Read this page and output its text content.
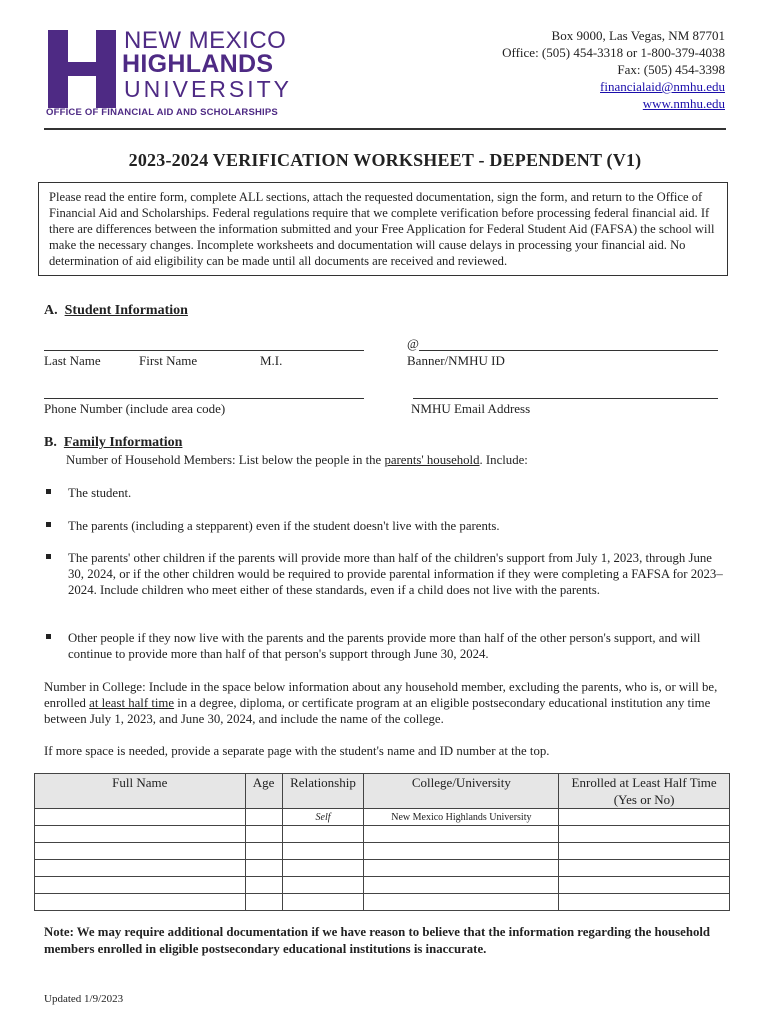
NEW MEXICO
HIGHLANDS
UNIVERSITY
OFFICE OF FINANCIAL AID AND SCHOLARSHIPS
Box 9000, Las Vegas, NM 87701
Office: (505) 454-3318 or 1-800-379-4038
Fax: (505) 454-3398
financialaid@nmhu.edu
www.nmhu.edu
2023-2024 VERIFICATION WORKSHEET - DEPENDENT (V1)
Please read the entire form, complete ALL sections, attach the requested documentation, sign the form, and return to the Office of Financial Aid and Scholarships. Federal regulations require that we complete verification before processing federal financial aid. If there are differences between the information submitted and your Free Application for Federal Student Aid (FAFSA) the school will make the necessary changes. Incomplete worksheets and documentation will cause delays in processing your financial aid. No determination of aid eligibility can be made until all documents are received and reviewed.
A. Student Information
Last Name	First Name	M.I.
@
Banner/NMHU ID
Phone Number (include area code)	NMHU Email Address
B. Family Information
Number of Household Members: List below the people in the parents' household. Include:
The student.
The parents (including a stepparent) even if the student doesn't live with the parents.
The parents' other children if the parents will provide more than half of the children's support from July 1, 2023, through June 30, 2024, or if the other children would be required to provide parental information if they were completing a FAFSA for 2023–2024. Include children who meet either of these standards, even if a child does not live with the parents.
Other people if they now live with the parents and the parents provide more than half of the other person's support, and will continue to provide more than half of that person's support through June 30, 2024.
Number in College: Include in the space below information about any household member, excluding the parents, who is, or will be, enrolled at least half time in a degree, diploma, or certificate program at an eligible postsecondary educational institution any time between July 1, 2023, and June 30, 2024, and include the name of the college.
If more space is needed, provide a separate page with the student's name and ID number at the top.
Full Name	Age	Relationship	College/University	Enrolled at Least Half Time (Yes or No)
		Self	New Mexico Highlands University	

Note: We may require additional documentation if we have reason to believe that the information regarding the household members enrolled in eligible postsecondary educational institutions is inaccurate.
Updated 1/9/2023
